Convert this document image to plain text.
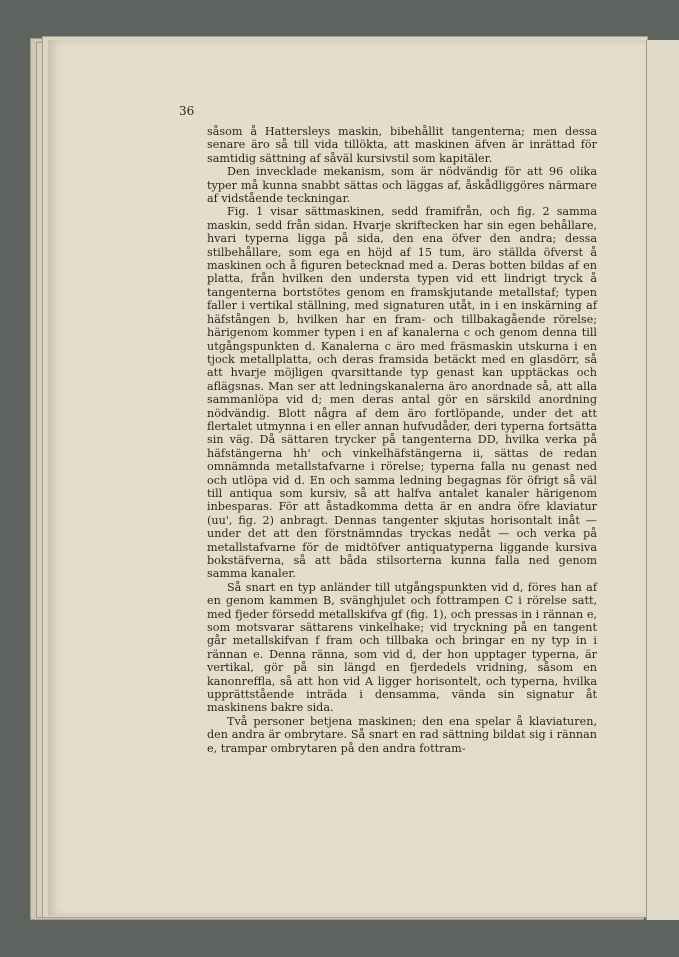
36

såsom å Hattersleys maskin, bibehållit tangenterna; men dessa senare äro så till vida tillökta, att maskinen äfven är inrättad för samtidig sättning af såväl kursivstil som kapitäler.

Den invecklade mekanism, som är nödvändig för att 96 olika typer må kunna snabbt sättas och läggas af, åskådliggöres närmare af vidstående teckningar.

Fig. 1 visar sättmaskinen, sedd framifrån, och fig. 2 samma maskin, sedd från sidan. Hvarje skriftecken har sin egen behållare, hvari typerna ligga på sida, den ena öfver den andra; dessa stilbehållare, som ega en höjd af 15 tum, äro ställda öfverst å maskinen och å figuren betecknad med a. Deras botten bildas af en platta, från hvilken den understa typen vid ett lindrigt tryck å tangenterna bortstötes genom en framskjutande metallstaf; typen faller i vertikal ställning, med signaturen utåt, in i en inskärning af häfstången b, hvilken har en fram- och tillbakagående rörelse; härigenom kommer typen i en af kanalerna c och genom denna till utgångspunkten d. Kanalerna c äro med fräsmaskin utskurna i en tjock metallplatta, och deras framsida betäckt med en glasdörr, så att hvarje möjligen qvarsittande typ genast kan upptäckas och aflägsnas. Man ser att ledningskanalerna äro anordnade så, att alla sammanlöpa vid d; men deras antal gör en särskild anordning nödvändig. Blott några af dem äro fortlöpande, under det att flertalet utmynna i en eller annan hufvudåder, deri typerna fortsätta sin väg. Då sättaren trycker på tangenterna DD, hvilka verka på häfstängerna hh' och vinkelhäfstängerna ii, sättas de redan omnämnda metallstafvarne i rörelse; typerna falla nu genast ned och utlöpa vid d. En och samma ledning begagnas för öfrigt så väl till antiqua som kursiv, så att halfva antalet kanaler härigenom inbesparas. För att åstadkomma detta är en andra öfre klaviatur (uu', fig. 2) anbragt. Dennas tangenter skjutas horisontalt inåt — under det att den förstnämndas tryckas nedåt — och verka på metallstafvarne för de midtöfver antiquatyperna liggande kursiva bokstäfverna, så att båda stilsorterna kunna falla ned genom samma kanaler.

Så snart en typ anländer till utgångspunkten vid d, föres han af en genom kammen B, svänghjulet och fottrampen C i rörelse satt, med fjeder försedd metallskifva gf (fig. 1), och pressas in i rännan e, som motsvarar sättarens vinkelhake; vid tryckning på en tangent går metallskifvan f fram och tillbaka och bringar en ny typ in i rännan e. Denna ränna, som vid d, der hon upptager typerna, är vertikal, gör på sin längd en fjerdedels vridning, såsom en kanonreffla, så att hon vid A ligger horisontelt, och typerna, hvilka upprättstående inträda i densamma, vända sin signatur åt maskinens bakre sida.

Två personer betjena maskinen; den ena spelar å klaviaturen, den andra är ombrytare. Så snart en rad sättning bildat sig i rännan e, trampar ombrytaren på den andra fottram-
